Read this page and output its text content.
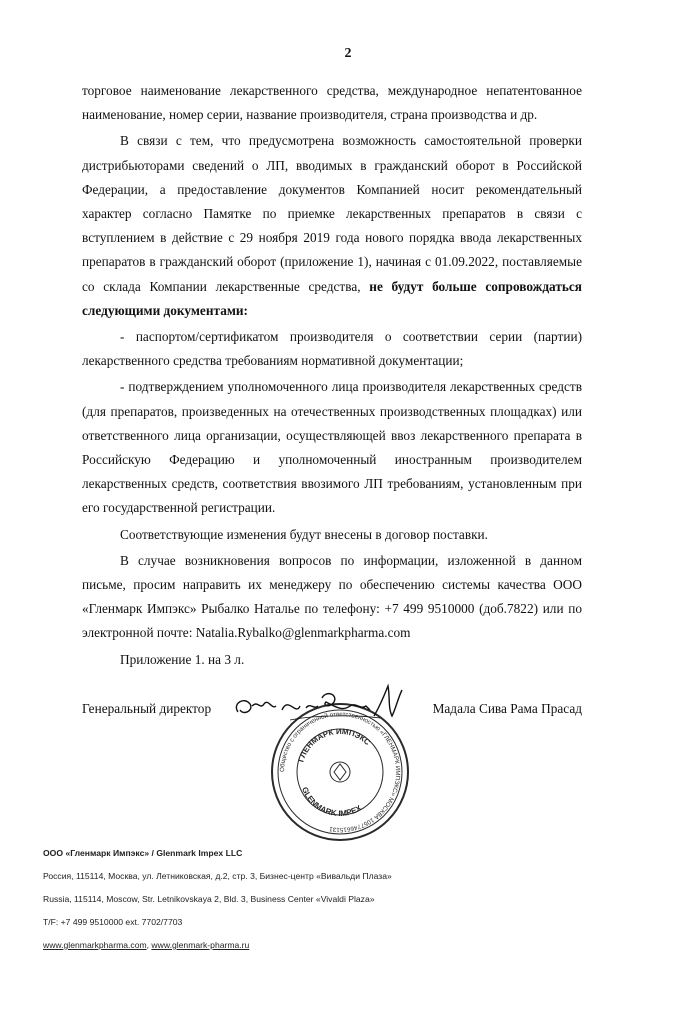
2

торговое наименование лекарственного средства, международное непатентованное наименование, номер серии, название производителя, страна производства и др.

В связи с тем, что предусмотрена возможность самостоятельной проверки дистрибьюторами сведений о ЛП, вводимых в гражданский оборот в Российской Федерации, а предоставление документов Компанией носит рекомендательный характер согласно Памятке по приемке лекарственных препаратов в связи с вступлением в действие с 29 ноября 2019 года нового порядка ввода лекарственных препаратов в гражданский оборот (приложение 1), начиная с 01.09.2022, поставляемые со склада Компании лекарственные средства, не будут больше сопровождаться следующими документами:

- паспортом/сертификатом производителя о соответствии серии (партии) лекарственного средства требованиям нормативной документации;

- подтверждением уполномоченного лица производителя лекарственных средств (для препаратов, произведенных на отечественных производственных площадках) или ответственного лица организации, осуществляющей ввоз лекарственного препарата в Российскую Федерацию и уполномоченный иностранным производителем лекарственных средств, соответствия ввозимого ЛП требованиям, установленным при его государственной регистрации.

Соответствующие изменения будут внесены в договор поставки.

В случае возникновения вопросов по информации, изложенной в данном письме, просим направить их менеджеру по обеспечению системы качества ООО «Гленмарк Импэкс» Рыбалко Наталье по телефону: +7 499 9510000 (доб.7822) или по электронной почте: Natalia.Rybalko@glenmarkpharma.com

Приложение 1. на 3 л.

Генеральный директор	Мадала Сива Рама Прасад
Общество с ограниченной ответственностью «ГЛЕНМАРК ИМПЭКС» МОСКВА 1057746615131
ГЛЕНМАРК ИМПЭКС
GLENMARK IMPEX
ООО «Гленмарк Импэкс» / Glenmark Impex LLC
Россия, 115114, Москва, ул. Летниковская, д.2, стр. 3, Бизнес-центр «Вивальди Плаза»
Russia, 115114, Moscow, Str. Letnikovskaya 2, Bld. 3, Business Center «Vivaldi Plaza»
T/F: +7 499 9510000 ext. 7702/7703
www.glenmarkpharma.com, www.glenmark-pharma.ru
